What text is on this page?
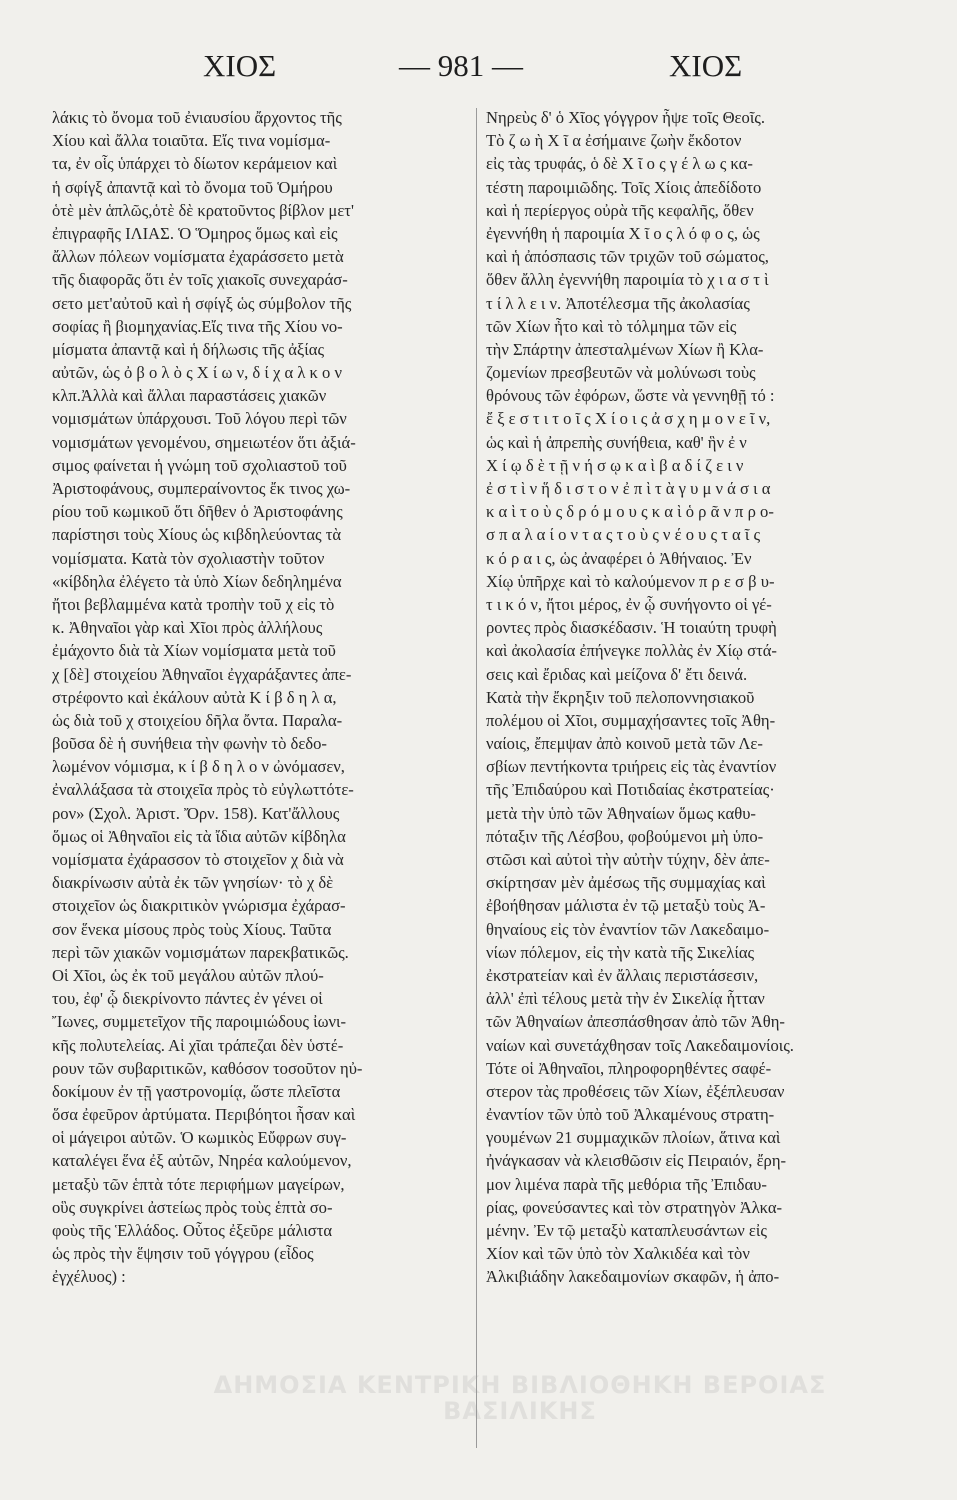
ΧΙΟΣ	— 981 —	ΧΙΟΣ
λάκις τὸ ὄνομα τοῦ ἐνιαυσίου ἄρχοντος τῆς
Χίου καὶ ἄλλα τοιαῦτα. Εἴς τινα νομίσμα-
τα, ἐν οἷς ὑπάρχει τὸ δίωτον κεράμειον καὶ
ἡ σφίγξ ἀπαντᾷ καὶ τὸ ὄνομα τοῦ Ὁμήρου
ὁτὲ μὲν ἁπλῶς,ὁτὲ δὲ κρατοῦντος βίβλον μετ'
ἐπιγραφῆς ΙΛΙΑΣ. Ὁ Ὅμηρος ὅμως καὶ εἰς
ἄλλων πόλεων νομίσματα ἐχαράσσετο μετὰ
τῆς διαφορᾶς ὅτι ἐν τοῖς χιακοῖς συνεχαράσ-
σετο μετ'αὐτοῦ καὶ ἡ σφίγξ ὡς σύμβολον τῆς
σοφίας ἢ βιομηχανίας.Εἴς τινα τῆς Χίου νο-
μίσματα ἀπαντᾷ καὶ ἡ δήλωσις τῆς ἀξίας
αὐτῶν, ὡς ὀ β ο λ ὸ ς Χ ί ω ν, δ ί χ α λ κ ο ν
κλπ.Ἀλλὰ καὶ ἄλλαι παραστάσεις χιακῶν
νομισμάτων ὑπάρχουσι. Τοῦ λόγου περὶ τῶν
νομισμάτων γενομένου, σημειωτέον ὅτι ἀξιά-
σιμος φαίνεται ἡ γνώμη τοῦ σχολιαστοῦ τοῦ
Ἀριστοφάνους, συμπεραίνοντος ἔκ τινος χω-
ρίου τοῦ κωμικοῦ ὅτι δῆθεν ὁ Ἀριστοφάνης
παρίστησι τοὺς Χίους ὡς κιβδηλεύοντας τὰ
νομίσματα. Κατὰ τὸν σχολιαστὴν τοῦτον
«κίβδηλα ἐλέγετο τὰ ὑπὸ Χίων δεδηλημένα
ἤτοι βεβλαμμένα κατὰ τροπὴν τοῦ χ εἰς τὸ
κ. Ἀθηναῖοι γὰρ καὶ Χῖοι πρὸς ἀλλήλους
ἐμάχοντο διὰ τὰ Χίων νομίσματα μετὰ τοῦ
χ [δὲ] στοιχείου Ἀθηναῖοι ἐγχαράξαντες ἀπε-
στρέφοντο καὶ ἐκάλουν αὐτὰ Κ ί β δ η λ α,
ὡς διὰ τοῦ χ στοιχείου δῆλα ὄντα. Παραλα-
βοῦσα δὲ ἡ συνήθεια τὴν φωνὴν τὸ δεδο-
λωμένον νόμισμα, κ ί β δ η λ ο ν ὠνόμασεν,
ἐναλλάξασα τὰ στοιχεῖα πρὸς τὸ εὐγλωττότε-
ρον» (Σχολ. Ἀριστ. Ὄρν. 158). Κατ'ἄλλους
ὅμως οἱ Ἀθηναῖοι εἰς τὰ ἴδια αὐτῶν κίβδηλα
νομίσματα ἐχάρασσον τὸ στοιχεῖον χ διὰ νὰ
διακρίνωσιν αὐτὰ ἐκ τῶν γνησίων· τὸ χ δὲ
στοιχεῖον ὡς διακριτικὸν γνώρισμα ἐχάρασ-
σον ἕνεκα μίσους πρὸς τοὺς Χίους. Ταῦτα
περὶ τῶν χιακῶν νομισμάτων παρεκβατικῶς.
Οἱ Χῖοι, ὡς ἐκ τοῦ μεγάλου αὐτῶν πλού-
του, ἐφ' ᾧ διεκρίνοντο πάντες ἐν γένει οἱ
Ἴωνες, συμμετεῖχον τῆς παροιμιώδους ἰωνι-
κῆς πολυτελείας. Αἱ χῖαι τράπεζαι δὲν ὑστέ-
ρουν τῶν συβαριτικῶν, καθόσον τοσοῦτον ηὐ-
δοκίμουν ἐν τῇ γαστρονομίᾳ, ὥστε πλεῖστα
ὅσα ἐφεῦρον ἀρτύματα. Περιβόητοι ἦσαν καὶ
οἱ μάγειροι αὐτῶν. Ὁ κωμικὸς Εὔφρων συγ-
καταλέγει ἕνα ἐξ αὐτῶν, Νηρέα καλούμενον,
μεταξὺ τῶν ἑπτὰ τότε περιφήμων μαγείρων,
οὓς συγκρίνει ἀστείως πρὸς τοὺς ἑπτὰ σο-
φοὺς τῆς Ἑλλάδος. Οὗτος ἐξεῦρε μάλιστα
ὡς πρὸς τὴν ἕψησιν τοῦ γόγγρου (εἶδος
ἐγχέλυος) :
Νηρεὺς δ' ὁ Χῖος γόγγρον ἧψε τοῖς Θεοῖς.
Τὸ ζ ω ὴ Χ ῖ α ἐσήμαινε ζωὴν ἔκδοτον
εἰς τὰς τρυφάς, ὁ δὲ Χ ῖ ο ς γ έ λ ω ς κα-
τέστη παροιμιῶδης. Τοῖς Χίοις ἀπεδίδοτο
καὶ ἡ περίεργος οὐρὰ τῆς κεφαλῆς, ὅθεν
ἐγεννήθη ἡ παροιμία Χ ῖ ο ς λ ό φ ο ς, ὡς
καὶ ἡ ἀπόσπασις τῶν τριχῶν τοῦ σώματος,
ὅθεν ἄλλη ἐγεννήθη παροιμία τὸ χ ι α σ τ ὶ
τ ί λ λ ε ι ν. Ἀποτέλεσμα τῆς ἀκολασίας
τῶν Χίων ἦτο καὶ τὸ τόλμημα τῶν εἰς
τὴν Σπάρτην ἀπεσταλμένων Χίων ἢ Κλα-
ζομενίων πρεσβευτῶν νὰ μολύνωσι τοὺς
θρόνους τῶν ἐφόρων, ὥστε νὰ γεννηθῇ τό :
ἔ ξ ε σ τ ι τ ο ῖ ς Χ ί ο ι ς ἀ σ χ η μ ο ν ε ῖ ν,
ὡς καὶ ἡ ἀπρεπὴς συνήθεια, καθ' ἣν ἐ ν
Χ ί ῳ δ ὲ τ ῇ ν ή σ ῳ κ α ὶ β α δ ί ζ ε ι ν
ἐ σ τ ὶ ν ἥ δ ι σ τ ο ν ἐ π ὶ τ ὰ γ υ μ ν ά σ ι α
κ α ὶ τ ο ὺ ς δ ρ ό μ ο υ ς κ α ὶ ὁ ρ ᾶ ν π ρ ο-
σ π α λ α ί ο ν τ α ς τ ο ὺ ς ν έ ο υ ς τ α ῖ ς
κ ό ρ α ι ς, ὡς ἀναφέρει ὁ Ἀθήναιος. Ἐν
Χίῳ ὑπῆρχε καὶ τὸ καλούμενον π ρ ε σ β υ-
τ ι κ ό ν, ἤτοι μέρος, ἐν ᾧ συνήγοντο οἱ γέ-
ροντες πρὸς διασκέδασιν. Ἡ τοιαύτη τρυφὴ
καὶ ἀκολασία ἐπήνεγκε πολλὰς ἐν Χίῳ στά-
σεις καὶ ἔριδας καὶ μείζονα δ' ἔτι δεινά.
Κατὰ τὴν ἔκρηξιν τοῦ πελοποννησιακοῦ
πολέμου οἱ Χῖοι, συμμαχήσαντες τοῖς Ἀθη-
ναίοις, ἔπεμψαν ἀπὸ κοινοῦ μετὰ τῶν Λε-
σβίων πεντήκοντα τριήρεις εἰς τὰς ἐναντίον
τῆς Ἐπιδαύρου καὶ Ποτιδαίας ἐκστρατείας·
μετὰ τὴν ὑπὸ τῶν Ἀθηναίων ὅμως καθυ-
πόταξιν τῆς Λέσβου, φοβούμενοι μὴ ὑπο-
στῶσι καὶ αὐτοὶ τὴν αὐτὴν τύχην, δὲν ἀπε-
σκίρτησαν μὲν ἀμέσως τῆς συμμαχίας καὶ
ἐβοήθησαν μάλιστα ἐν τῷ μεταξὺ τοὺς Ἀ-
θηναίους εἰς τὸν ἐναντίον τῶν Λακεδαιμο-
νίων πόλεμον, εἰς τὴν κατὰ τῆς Σικελίας
ἐκστρατείαν καὶ ἐν ἄλλαις περιστάσεσιν,
ἀλλ' ἐπὶ τέλους μετὰ τὴν ἐν Σικελίᾳ ἧτταν
τῶν Ἀθηναίων ἀπεσπάσθησαν ἀπὸ τῶν Ἀθη-
ναίων καὶ συνετάχθησαν τοῖς Λακεδαιμονίοις.
Τότε οἱ Ἀθηναῖοι, πληροφορηθέντες σαφέ-
στερον τὰς προθέσεις τῶν Χίων, ἐξέπλευσαν
ἐναντίον τῶν ὑπὸ τοῦ Ἀλκαμένους στρατη-
γουμένων 21 συμμαχικῶν πλοίων, ἅτινα καὶ
ἠνάγκασαν νὰ κλεισθῶσιν εἰς Πειραιόν, ἔρη-
μον λιμένα παρὰ τῆς μεθόρια τῆς Ἐπιδαυ-
ρίας, φονεύσαντες καὶ τὸν στρατηγὸν Ἀλκα-
μένην. Ἐν τῷ μεταξὺ καταπλευσάντων εἰς
Χίον καὶ τῶν ὑπὸ τὸν Χαλκιδέα καὶ τὸν
Ἀλκιβιάδην λακεδαιμονίων σκαφῶν, ἡ ἀπο-
ΔΗΜΟΣΙΑ ΚΕΝΤΡΙΚΗ ΒΙΒΛΙΟΘΗΚΗ ΒΕΡΟΙΑΣ
ΒΑΣΙΛΙΚΗΣ
